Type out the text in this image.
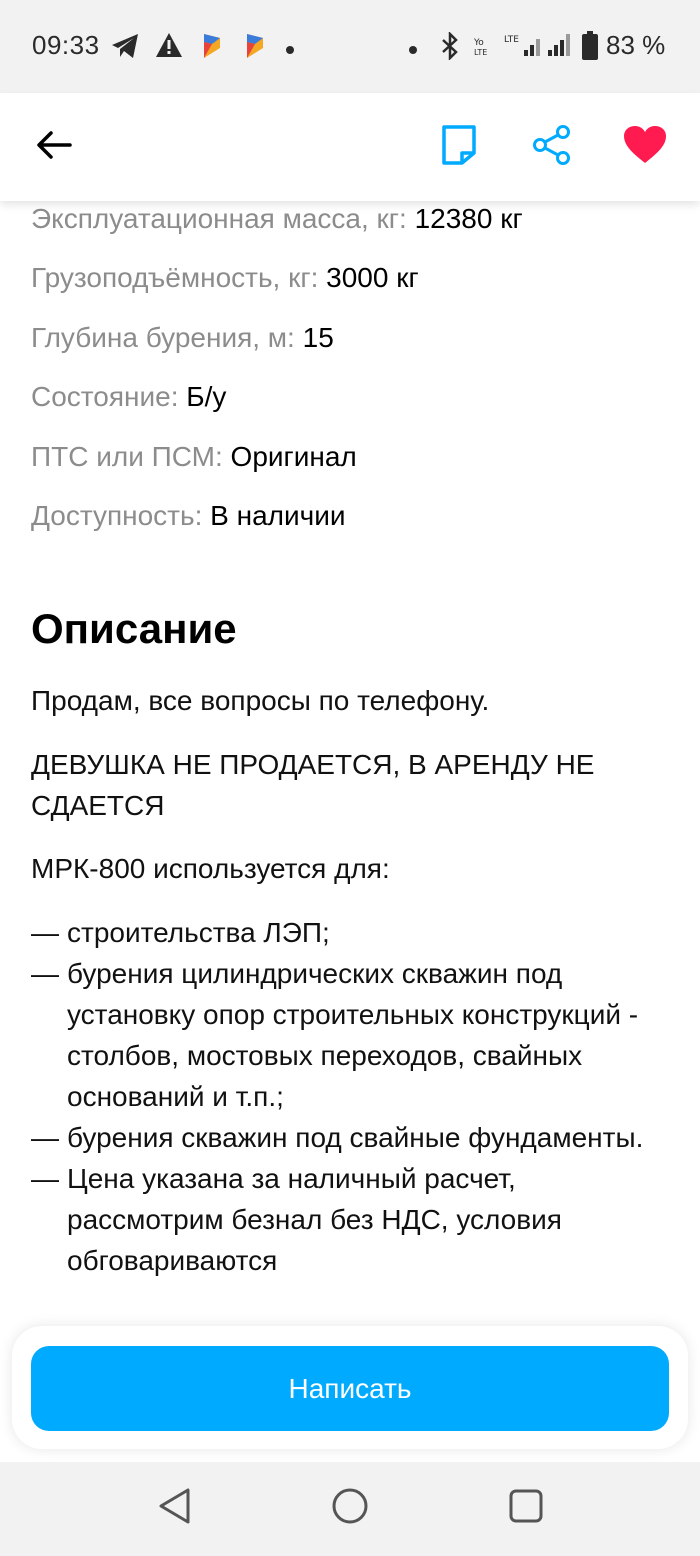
09:33	Yo
LTE
LTE	83 %
Эксплуатационная масса, кг: 12380 кг
Грузоподъёмность, кг: 3000 кг
Глубина бурения, м: 15
Состояние: Б/у
ПТС или ПСМ: Оригинал
Доступность: В наличии
Описание
Продам, все вопросы по телефону.
ДЕВУШКА НЕ ПРОДАЕТСЯ, В АРЕНДУ НЕ СДАЕТСЯ
МРК-800 используется для:
— строительства ЛЭП;
— бурения цилиндрических скважин под установку опор строительных конструкций - столбов, мостовых переходов, свайных оснований и т.п.;
— бурения скважин под свайные фундаменты.
— Цена указана за наличный расчет, рассмотрим безнал без НДС, условия обговариваются
Написать
